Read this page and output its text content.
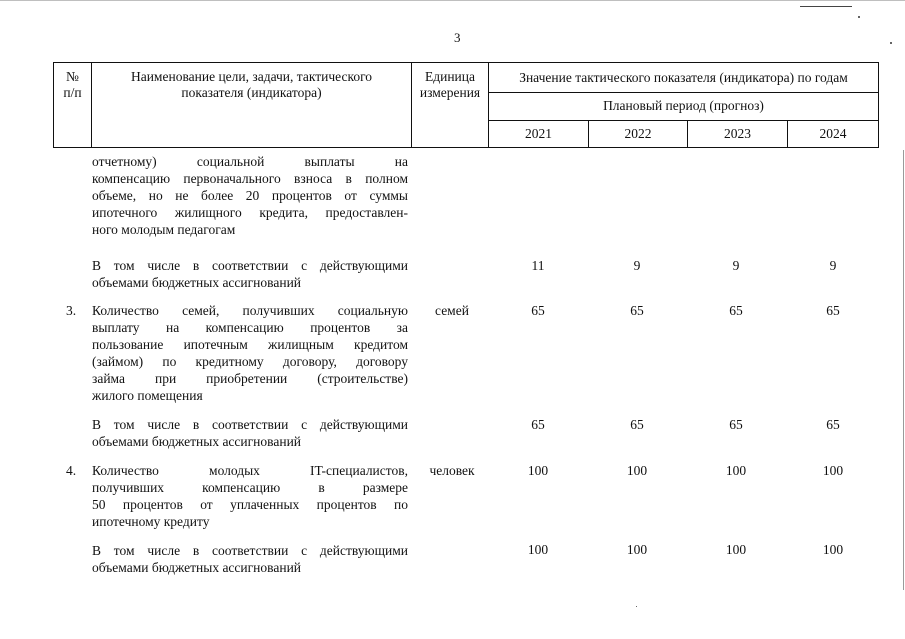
3
№
п/п
Наименование цели, задачи, тактического
показателя (индикатора)
Единица
измерения
Значение тактического показателя (индикатора) по годам
Плановый период (прогноз)
2021	2022	2023	2024
отчетному) социальной выплаты на
компенсацию первоначального взноса в полном
объеме, но не более 20 процентов от суммы
ипотечного жилищного кредита, предоставлен-
ного молодым педагогам
В том числе в соответствии с действующими
объемами бюджетных ассигнований
11	9	9	9
3. Количество семей, получивших социальную
выплату на компенсацию процентов за
пользование ипотечным жилищным кредитом
(займом) по кредитному договору, договору
займа при приобретении (строительстве)
жилого помещения
семей	65	65	65	65
В том числе в соответствии с действующими
объемами бюджетных ассигнований
65	65	65	65
4. Количество молодых IT-специалистов,
получивших компенсацию в размере
50 процентов от уплаченных процентов по
ипотечному кредиту
человек	100	100	100	100
В том числе в соответствии с действующими
объемами бюджетных ассигнований
100	100	100	100
